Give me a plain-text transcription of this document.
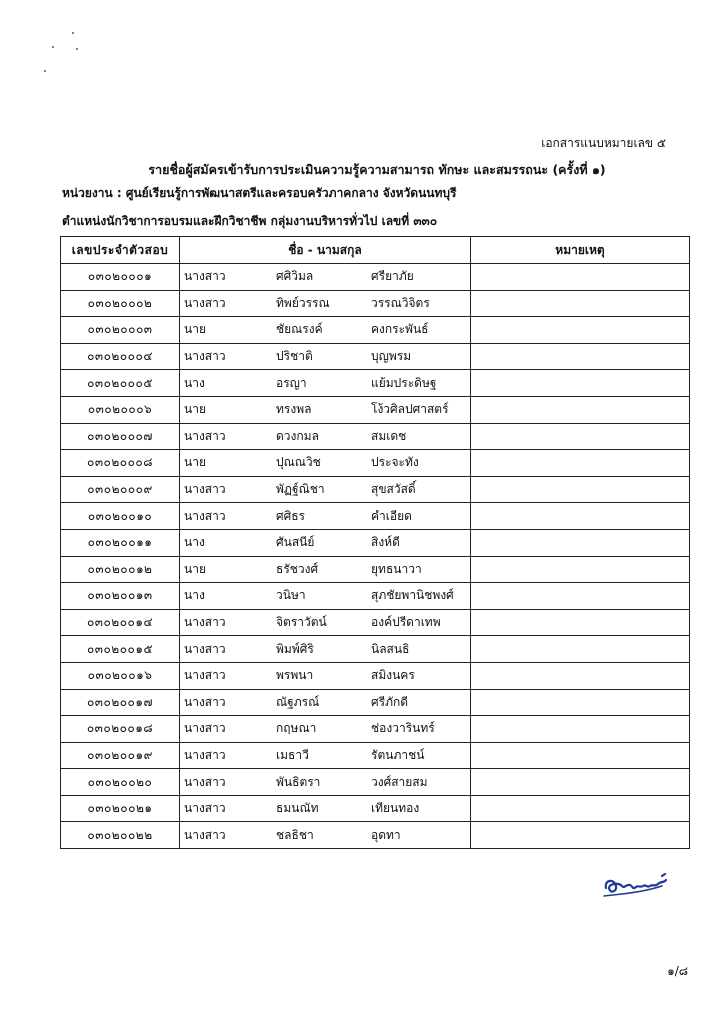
เอกสารแนบหมายเลข ๕
รายชื่อผู้สมัครเข้ารับการประเมินความรู้ความสามารถ ทักษะ และสมรรถนะ (ครั้งที่ ๑)
หน่วยงาน : ศูนย์เรียนรู้การพัฒนาสตรีและครอบครัวภาคกลาง จังหวัดนนทบุรี
ตำแหน่งนักวิชาการอบรมและฝึกวิชาชีพ กลุ่มงานบริหารทั่วไป เลขที่ ๓๓๐
เลขประจำตัวสอบ	ชื่อ - นามสกุล	หมายเหตุ
๐๓๐๒๐๐๐๑	นางสาว ศศิวิมล ศรียาภัย	
๐๓๐๒๐๐๐๒	นางสาว ทิพย์วรรณ วรรณวิจิตร	
๐๓๐๒๐๐๐๓	นาย ชัยณรงค์ คงกระพันธ์	
๐๓๐๒๐๐๐๔	นางสาว ปริชาติ บุญพรม	
๐๓๐๒๐๐๐๕	นาง อรญา แย้มประดิษฐ	
๐๓๐๒๐๐๐๖	นาย ทรงพล โง้วศิลปศาสตร์	
๐๓๐๒๐๐๐๗	นางสาว ดวงกมล สมเดช	
๐๓๐๒๐๐๐๘	นาย ปุณณวิช ประจะทัง	
๐๓๐๒๐๐๐๙	นางสาว พัฏฐ์ณิชา สุขสวัสดิ์	
๐๓๐๒๐๐๑๐	นางสาว ศศิธร คำเอียด	
๐๓๐๒๐๐๑๑	นาง ศันสนีย์ สิงห์ดี	
๐๓๐๒๐๐๑๒	นาย ธรัชวงศ์ ยุทธนาวา	
๐๓๐๒๐๐๑๓	นาง วนิษา สุภชัยพานิชพงศ์	
๐๓๐๒๐๐๑๔	นางสาว จิตราวัตน์ องค์ปรีดาเทพ	
๐๓๐๒๐๐๑๕	นางสาว พิมพ์ศิริ นิลสนธิ	
๐๓๐๒๐๐๑๖	นางสาว พรพนา สมิงนคร	
๐๓๐๒๐๐๑๗	นางสาว ณัฐภรณ์ ศรีภักดี	
๐๓๐๒๐๐๑๘	นางสาว กฤษณา ช่องวารินทร์	
๐๓๐๒๐๐๑๙	นางสาว เมธาวี รัตนภาชน์	
๐๓๐๒๐๐๒๐	นางสาว พันธิตรา วงศ์สายสม	
๐๓๐๒๐๐๒๑	นางสาว ธมนณัท เทียนทอง	
๐๓๐๒๐๐๒๒	นางสาว ชลธิชา อุดทา	
๑/๘
